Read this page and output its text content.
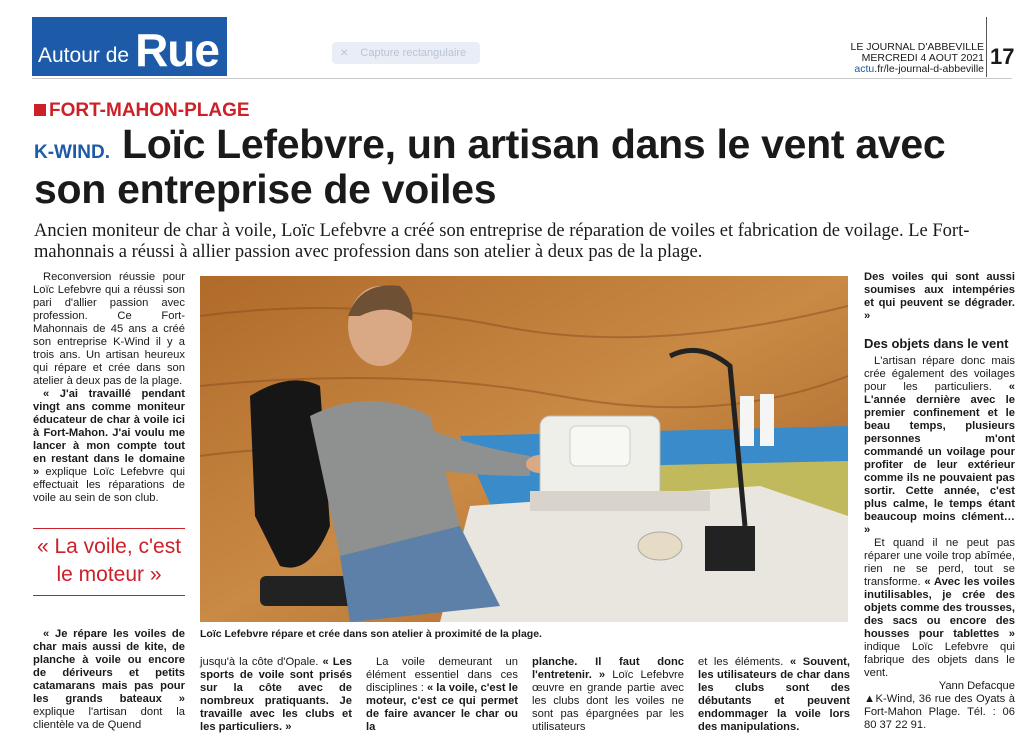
Autour de Rue	✕ Capture rectangulaire	LE JOURNAL D'ABBEVILLE
MERCREDI 4 AOUT 2021
actu.fr/le-journal-d-abbeville 17
FORT-MAHON-PLAGE
Loïc Lefebvre, un artisan dans le vent avec son entreprise de voiles
K-WIND.
Ancien moniteur de char à voile, Loïc Lefebvre a créé son entreprise de réparation de voiles et fabrication de voilage. Le Fort-mahonnais a réussi à allier passion avec profession dans son atelier à deux pas de la plage.

Reconversion réussie pour Loïc Lefebvre qui a réussi son pari d'allier passion avec profession. Ce Fort-Mahonnais de 45 ans a créé son entreprise K-Wind il y a trois ans. Un artisan heureux qui répare et crée dans son atelier à deux pas de la plage.

« J'ai travaillé pendant vingt ans comme moniteur éducateur de char à voile ici à Fort-Mahon. J'ai voulu me lancer à mon compte tout en restant dans le domaine » explique Loïc Lefebvre qui effectuait les réparations de voile au sein de son club.

« La voile, c'est le moteur »

« Je répare les voiles de char mais aussi de kite, de planche à voile ou encore de dériveurs et petits catamarans mais pas pour les grands bateaux » explique l'artisan dont la clientèle va de Quend

Loïc Lefebvre répare et crée dans son atelier à proximité de la plage.

jusqu'à la côte d'Opale. « Les sports de voile sont prisés sur la côte avec de nombreux pratiquants. Je travaille avec les clubs et les particuliers. »

La voile demeurant un élément essentiel dans ces disciplines : « la voile, c'est le moteur, c'est ce qui permet de faire avancer le char ou la

planche. Il faut donc l'entretenir. » Loïc Lefebvre œuvre en grande partie avec les clubs dont les voiles ne sont pas épargnées par les utilisateurs

et les éléments. « Souvent, les utilisateurs de char dans les clubs sont des débutants et peuvent endommager la voile lors des manipulations.

Des voiles qui sont aussi soumises aux intempéries et qui peuvent se dégrader. »

Des objets dans le vent

L'artisan répare donc mais crée également des voilages pour les particuliers. « L'année dernière avec le premier confinement et le beau temps, plusieurs personnes m'ont commandé un voilage pour profiter de leur extérieur comme ils ne pouvaient pas sortir. Cette année, c'est plus calme, le temps étant beaucoup moins clément… »

Et quand il ne peut pas réparer une voile trop abîmée, rien ne se perd, tout se transforme. « Avec les voiles inutilisables, je crée des objets comme des trousses, des sacs ou encore des housses pour tablettes » indique Loïc Lefebvre qui fabrique des objets dans le vent.

Yann Defacque

▲K-Wind, 36 rue des Oyats à Fort-Mahon Plage. Tél. : 06 80 37 22 91.
